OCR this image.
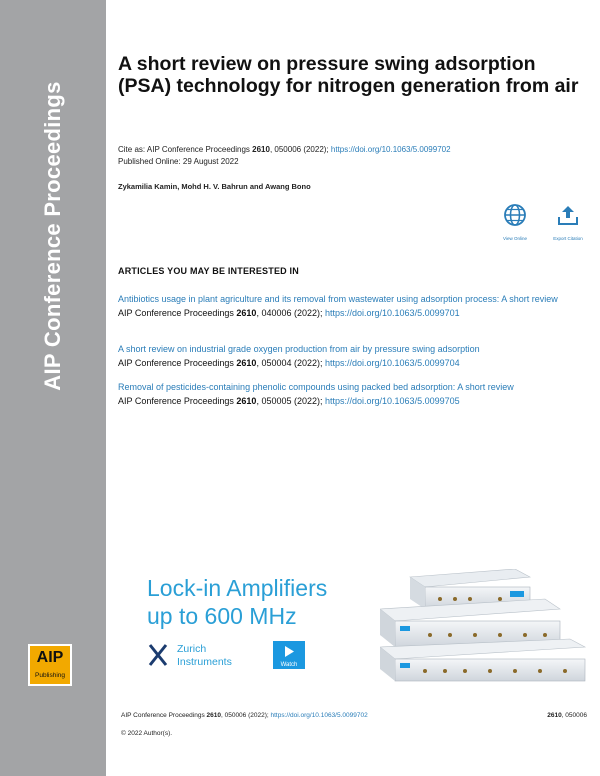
AIP Conference Proceedings
AIP
Publishing
A short review on pressure swing adsorption (PSA) technology for nitrogen generation from air
Cite as: AIP Conference Proceedings 2610, 050006 (2022); https://doi.org/10.1063/5.0099702
Published Online: 29 August 2022
Zykamilia Kamin, Mohd H. V. Bahrun and Awang Bono
View Online	Export Citation
ARTICLES YOU MAY BE INTERESTED IN
Antibiotics usage in plant agriculture and its removal from wastewater using adsorption process: A short review
AIP Conference Proceedings 2610, 040006 (2022); https://doi.org/10.1063/5.0099701
A short review on industrial grade oxygen production from air by pressure swing adsorption
AIP Conference Proceedings 2610, 050004 (2022); https://doi.org/10.1063/5.0099704
Removal of pesticides-containing phenolic compounds using packed bed adsorption: A short review
AIP Conference Proceedings 2610, 050005 (2022); https://doi.org/10.1063/5.0099705
Lock-in Amplifiers
up to 600 MHz
Zurich
Instruments	Watch
AIP Conference Proceedings 2610, 050006 (2022); https://doi.org/10.1063/5.0099702	2610, 050006
© 2022 Author(s).
